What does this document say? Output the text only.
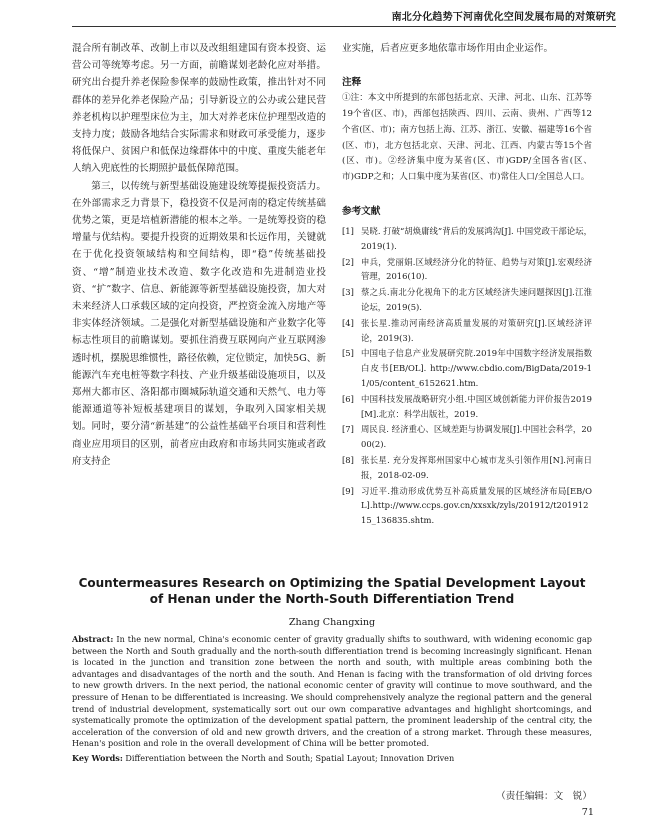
南北分化趋势下河南优化空间发展布局的对策研究

混合所有制改革、改制上市以及改组组建国有资本投资、运营公司等统筹考虑。另一方面，前瞻谋划老龄化应对举措。研究出台提升养老保险参保率的鼓励性政策，推出针对不同群体的差异化养老保险产品；引导新设立的公办或公建民营养老机构以护理型床位为主，加大对养老床位护理型改造的支持力度；鼓励各地结合实际需求和财政可承受能力，逐步将低保户、贫困户和低保边缘群体中的中度、重度失能老年人纳入兜底性的长期照护最低保障范围。

第三，以传统与新型基础设施建设统筹提振投资活力。在外部需求乏力背景下，稳投资不仅是河南的稳定传统基础优势之策，更是培植新潜能的根本之举。一是统筹投资的稳增量与优结构。要提升投资的近期效果和长远作用，关键就在于优化投资领域结构和空间结构，即“稳”传统基础投资、“增”制造业技术改造、数字化改造和先进制造业投资、“扩”数字、信息、新能源等新型基础设施投资，加大对未来经济人口承载区域的定向投资，严控资金流入房地产等非实体经济领域。二是强化对新型基础设施和产业数字化等标志性项目的前瞻谋划。要抓住消费互联网向产业互联网渗透时机，摆脱思维惯性，路径依赖，定位锁定，加快5G、新能源汽车充电桩等数字科技、产业升级基础设施项目，以及郑州大都市区、洛阳都市圈城际轨道交通和天然气、电力等能源通道等补短板基建项目的谋划，争取列入国家相关规划。同时，要分清“新基建”的公益性基础平台项目和营利性商业应用项目的区别，前者应由政府和市场共同实施或者政府支持企

业实施，后者应更多地依靠市场作用由企业运作。

注释

①注：本文中所提到的东部包括北京、天津、河北、山东、江苏等19个省(区、市)，西部包括陕西、四川、云南、贵州、广西等12个省(区、市)；南方包括上海、江苏、浙江、安徽、福建等16个省(区、市)，北方包括北京、天津、河北、江西、内蒙古等15个省(区、市)。②经济集中度为某省(区、市)GDP/全国各省(区、市)GDP之和；人口集中度为某省(区、市)常住人口/全国总人口。

参考文献

[1] 吴晓. 打破“胡焕庸线”背后的发展鸿沟[J]. 中国党政干部论坛，2019(1).
[2] 申兵，党丽娟.区域经济分化的特征、趋势与对策[J].宏观经济管理，2016(10).
[3] 蔡之兵.南北分化视角下的北方区域经济失速问题探因[J].江淮论坛，2019(5).
[4] 张长星.推动河南经济高质量发展的对策研究[J].区域经济评论，2019(3).
[5] 中国电子信息产业发展研究院.2019年中国数字经济发展指数白皮书[EB/OL]. http://www.cbdio.com/BigData/2019-11/05/content_6152621.htm.
[6] 中国科技发展战略研究小组.中国区域创新能力评价报告2019[M].北京：科学出版社，2019.
[7] 周民良. 经济重心、区域差距与协调发展[J].中国社会科学，2000(2).
[8] 张长星. 充分发挥郑州国家中心城市龙头引领作用[N].河南日报，2018-02-09.
[9] 习近平.推动形成优势互补高质量发展的区域经济布局[EB/OL].http://www.ccps.gov.cn/xxsxk/zyls/201912/t20191215_136835.shtm.

Countermeasures Research on Optimizing the Spatial Development Layout of Henan under the North-South Differentiation Trend

Zhang Changxing

Abstract: In the new normal, China's economic center of gravity gradually shifts to southward, with widening economic gap between the North and South gradually and the north-south differentiation trend is becoming increasingly significant. Henan is located in the junction and transition zone between the north and south, with multiple areas combining both the advantages and disadvantages of the north and the south. And Henan is facing with the transformation of old driving forces to new growth drivers. In the next period, the national economic center of gravity will continue to move southward, and the pressure of Henan to be differentiated is increasing. We should comprehensively analyze the regional pattern and the general trend of industrial development, systematically sort out our own comparative advantages and highlight shortcomings, and systematically promote the optimization of the development spatial pattern, the prominent leadership of the central city, the acceleration of the conversion of old and new growth drivers, and the creation of a strong market. Through these measures, Henan's position and role in the overall development of China will be better promoted.

Key Words: Differentiation between the North and South; Spatial Layout; Innovation Driven

（责任编辑：文　锐）
71
